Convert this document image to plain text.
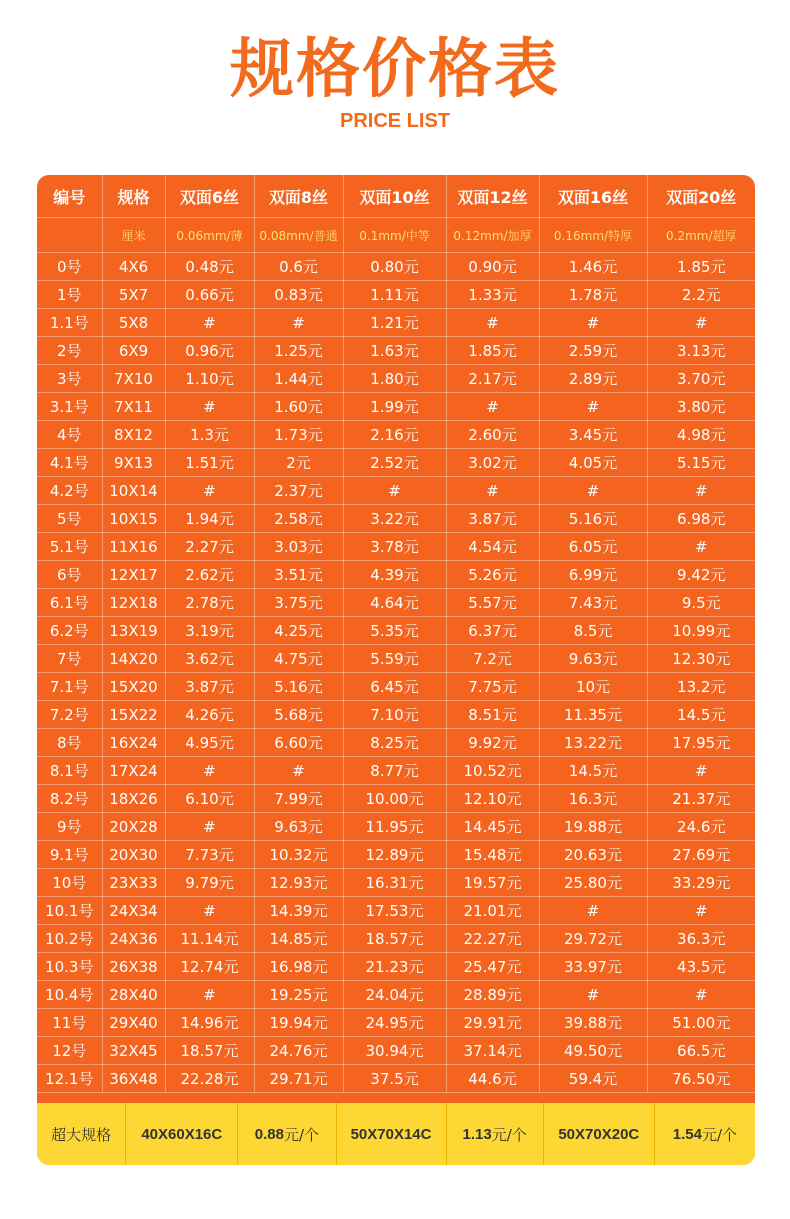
规格价格表
PRICE LIST
编号	规格	双面6丝	双面8丝	双面10丝	双面12丝	双面16丝	双面20丝
	厘米	0.06mm/薄	0.08mm/普通	0.1mm/中等	0.12mm/加厚	0.16mm/特厚	0.2mm/超厚
0号	4X6	0.48元	0.6元	0.80元	0.90元	1.46元	1.85元
1号	5X7	0.66元	0.83元	1.11元	1.33元	1.78元	2.2元
1.1号	5X8	#	#	1.21元	#	#	#
2号	6X9	0.96元	1.25元	1.63元	1.85元	2.59元	3.13元
3号	7X10	1.10元	1.44元	1.80元	2.17元	2.89元	3.70元
3.1号	7X11	#	1.60元	1.99元	#	#	3.80元
4号	8X12	1.3元	1.73元	2.16元	2.60元	3.45元	4.98元
4.1号	9X13	1.51元	2元	2.52元	3.02元	4.05元	5.15元
4.2号	10X14	#	2.37元	#	#	#	#
5号	10X15	1.94元	2.58元	3.22元	3.87元	5.16元	6.98元
5.1号	11X16	2.27元	3.03元	3.78元	4.54元	6.05元	#
6号	12X17	2.62元	3.51元	4.39元	5.26元	6.99元	9.42元
6.1号	12X18	2.78元	3.75元	4.64元	5.57元	7.43元	9.5元
6.2号	13X19	3.19元	4.25元	5.35元	6.37元	8.5元	10.99元
7号	14X20	3.62元	4.75元	5.59元	7.2元	9.63元	12.30元
7.1号	15X20	3.87元	5.16元	6.45元	7.75元	10元	13.2元
7.2号	15X22	4.26元	5.68元	7.10元	8.51元	11.35元	14.5元
8号	16X24	4.95元	6.60元	8.25元	9.92元	13.22元	17.95元
8.1号	17X24	#	#	8.77元	10.52元	14.5元	#
8.2号	18X26	6.10元	7.99元	10.00元	12.10元	16.3元	21.37元
9号	20X28	#	9.63元	11.95元	14.45元	19.88元	24.6元
9.1号	20X30	7.73元	10.32元	12.89元	15.48元	20.63元	27.69元
10号	23X33	9.79元	12.93元	16.31元	19.57元	25.80元	33.29元
10.1号	24X34	#	14.39元	17.53元	21.01元	#	#
10.2号	24X36	11.14元	14.85元	18.57元	22.27元	29.72元	36.3元
10.3号	26X38	12.74元	16.98元	21.23元	25.47元	33.97元	43.5元
10.4号	28X40	#	19.25元	24.04元	28.89元	#	#
11号	29X40	14.96元	19.94元	24.95元	29.91元	39.88元	51.00元
12号	32X45	18.57元	24.76元	30.94元	37.14元	49.50元	66.5元
12.1号	36X48	22.28元	29.71元	37.5元	44.6元	59.4元	76.50元
超大规格	40X60X16C	0.88 元/个	50X70X14C	1.13 元/个	50X70X20C	1.54 元/个
